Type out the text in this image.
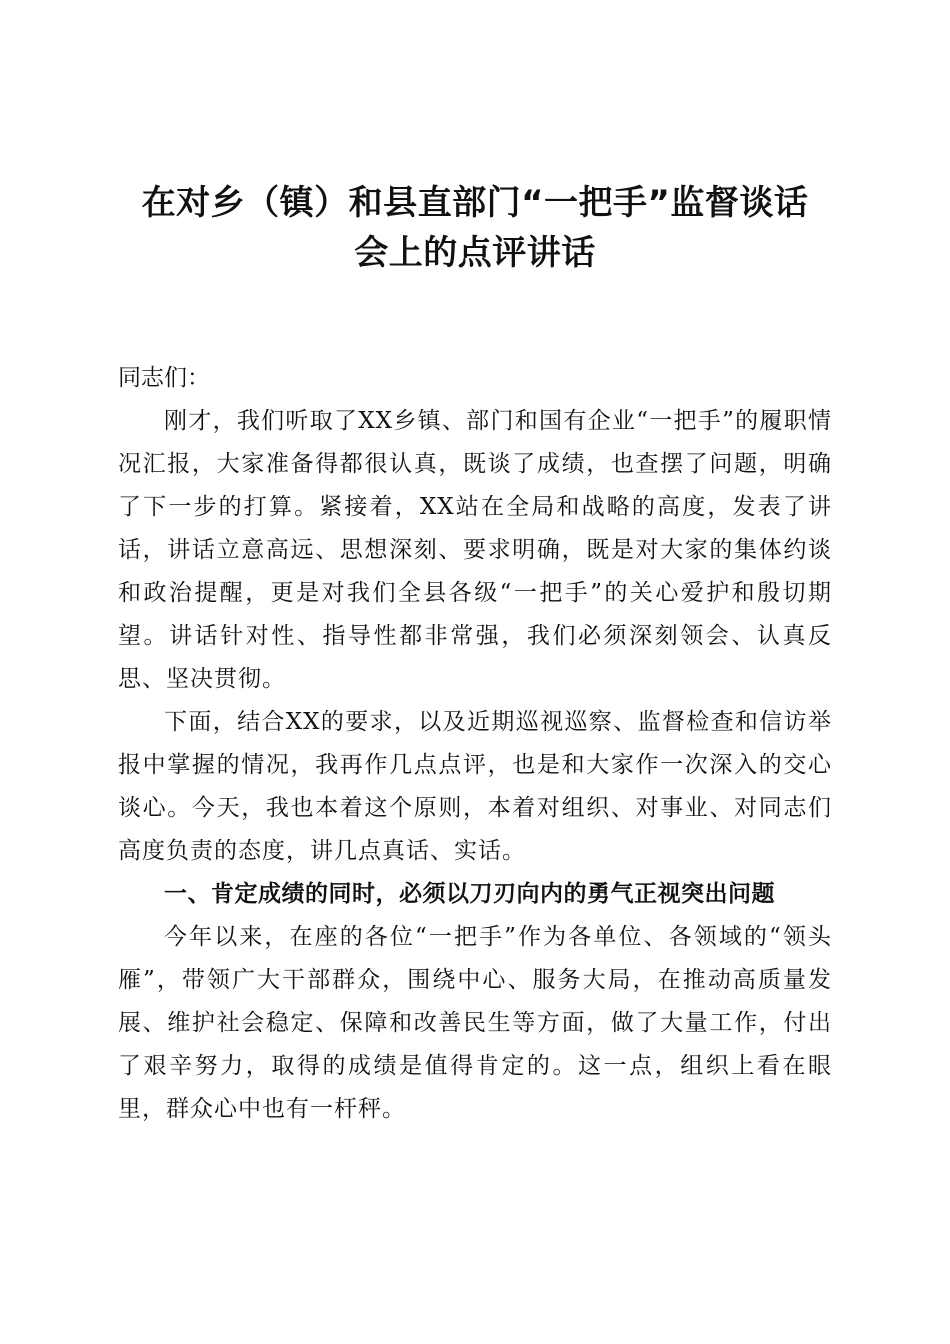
在对乡（镇）和县直部门“一把手”监督谈话
会上的点评讲话

同志们：

刚才，我们听取了XX乡镇、部门和国有企业“一把手”的履职情况汇报，大家准备得都很认真，既谈了成绩，也查摆了问题，明确了下一步的打算。紧接着，XX站在全局和战略的高度，发表了讲话，讲话立意高远、思想深刻、要求明确，既是对大家的集体约谈和政治提醒，更是对我们全县各级“一把手”的关心爱护和殷切期望。讲话针对性、指导性都非常强，我们必须深刻领会、认真反思、坚决贯彻。

下面，结合XX的要求，以及近期巡视巡察、监督检查和信访举报中掌握的情况，我再作几点点评，也是和大家作一次深入的交心谈心。今天，我也本着这个原则，本着对组织、对事业、对同志们高度负责的态度，讲几点真话、实话。

一、肯定成绩的同时，必须以刀刃向内的勇气正视突出问题

今年以来，在座的各位“一把手”作为各单位、各领域的“领头雁”，带领广大干部群众，围绕中心、服务大局，在推动高质量发展、维护社会稳定、保障和改善民生等方面，做了大量工作，付出了艰辛努力，取得的成绩是值得肯定的。这一点，组织上看在眼里，群众心中也有一杆秤。
